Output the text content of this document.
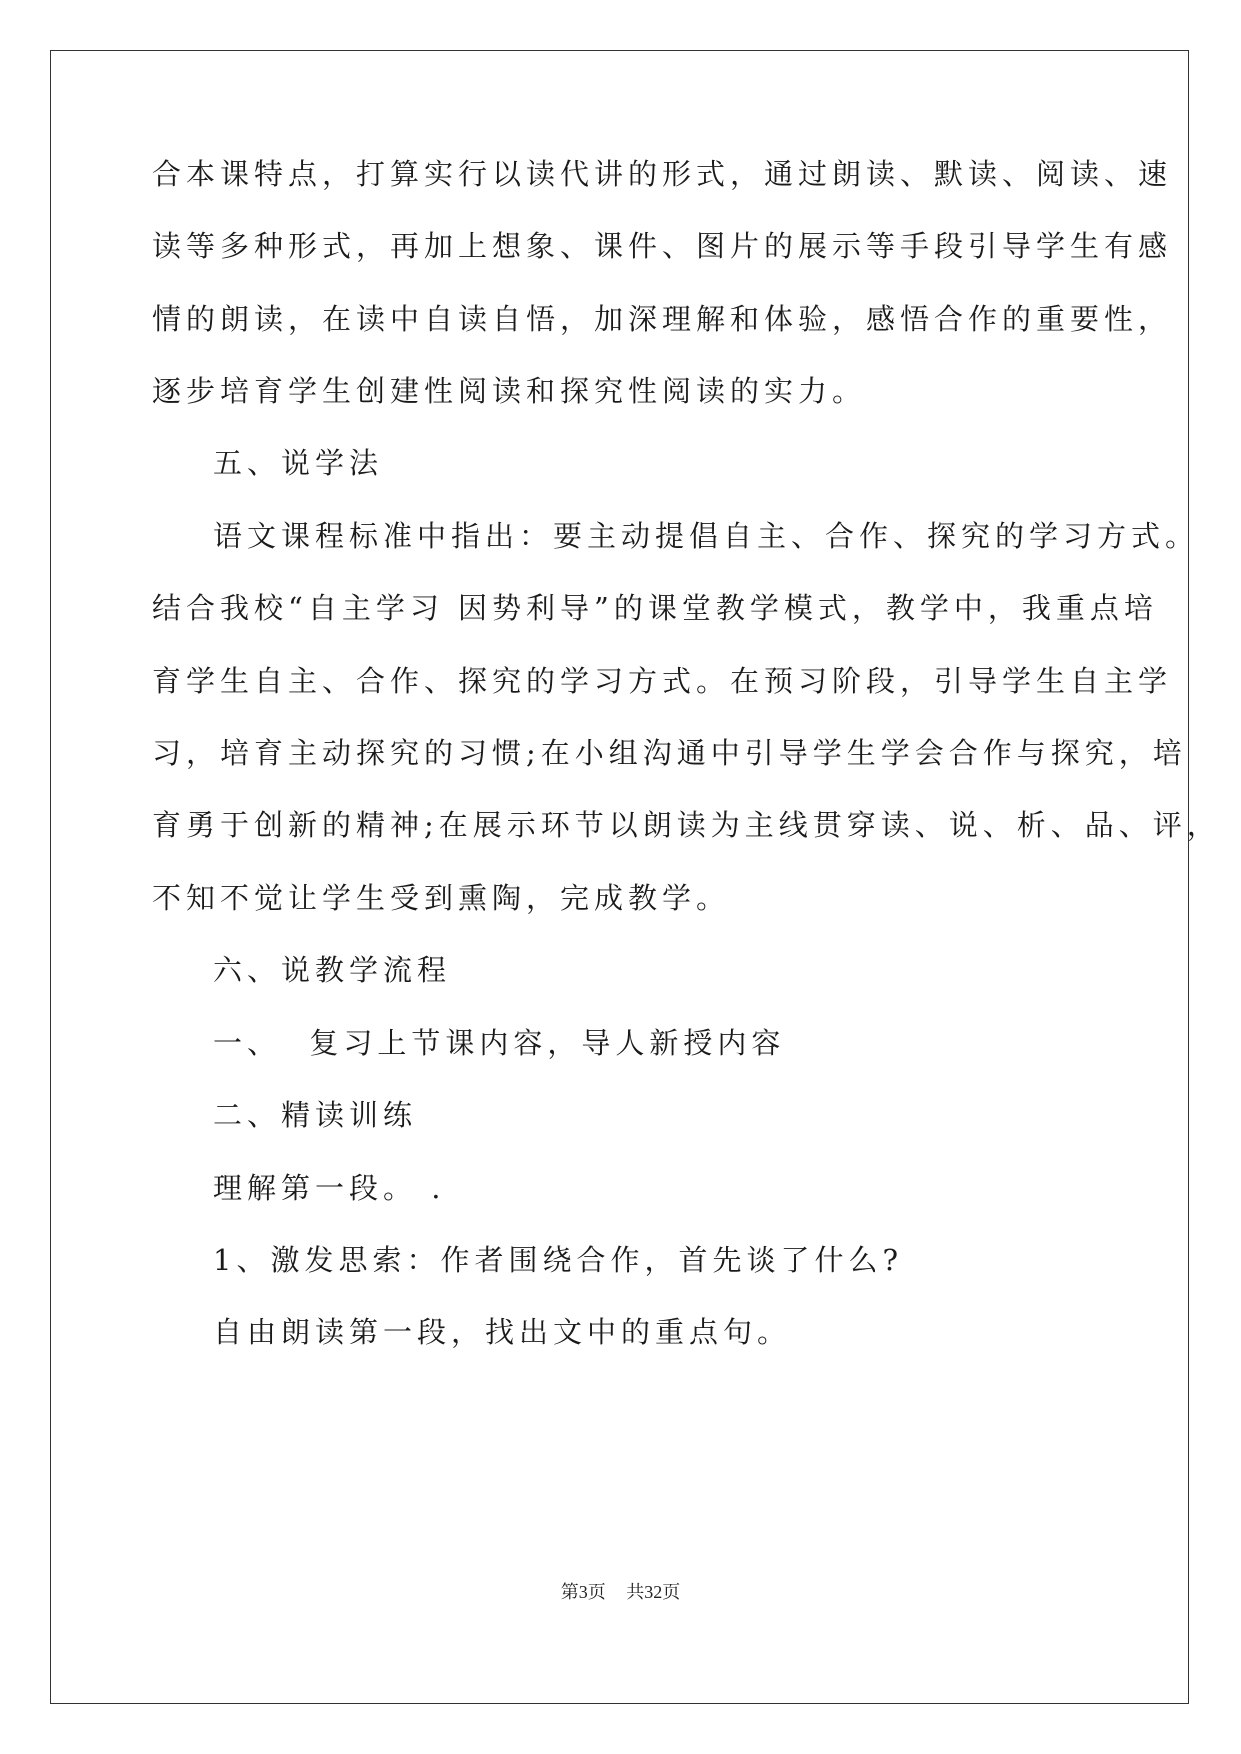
合本课特点，打算实行以读代讲的形式，通过朗读、默读、阅读、速
读等多种形式，再加上想象、课件、图片的展示等手段引导学生有感
情的朗读，在读中自读自悟，加深理解和体验，感悟合作的重要性，
逐步培育学生创建性阅读和探究性阅读的实力。
五、说学法
语文课程标准中指出：要主动提倡自主、合作、探究的学习方式。
结合我校“自主学习 因势利导”的课堂教学模式，教学中，我重点培
育学生自主、合作、探究的学习方式。在预习阶段，引导学生自主学
习，培育主动探究的习惯;在小组沟通中引导学生学会合作与探究，培
育勇于创新的精神;在展示环节以朗读为主线贯穿读、说、析、品、评，
不知不觉让学生受到熏陶，完成教学。
六、说教学流程
一、  复习上节课内容，导人新授内容
二、精读训练
理解第一段。 .
1、激发思索：作者围绕合作，首先谈了什么?
自由朗读第一段，找出文中的重点句。
第3页 共32页
